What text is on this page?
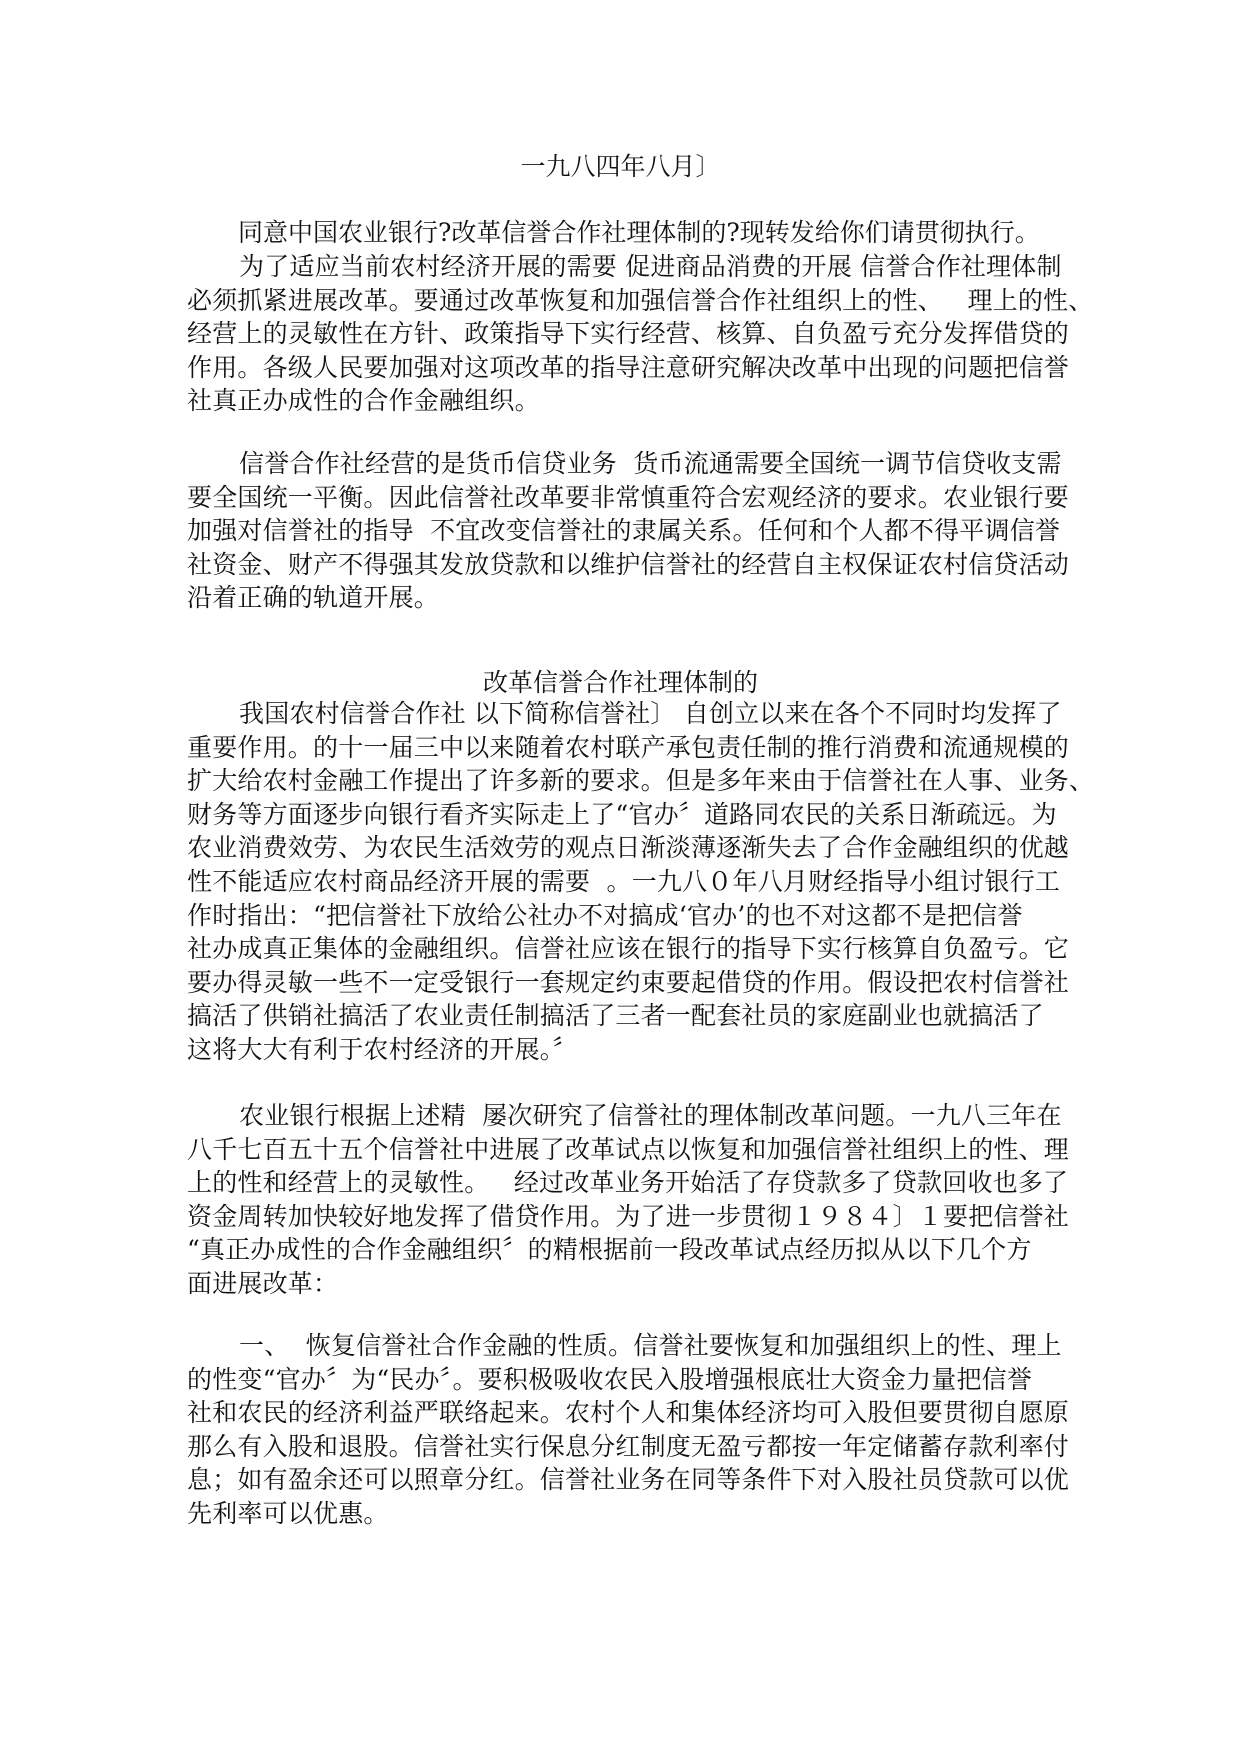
一九八四年八月〕
同意中国农业银行?改革信誉合作社理体制的?现转发给你们请贯彻执行。
为了适应当前农村经济开展的需要 促进商品消费的开展 信誉合作社理体制
必须抓紧进展改革。要通过改革恢复和加强信誉合作社组织上的性、   理上的性、
经营上的灵敏性在方针、政策指导下实行经营、核算、自负盈亏充分发挥借贷的
作用。各级人民要加强对这项改革的指导注意研究解决改革中出现的问题把信誉
社真正办成性的合作金融组织。
信誉合作社经营的是货币信贷业务  货币流通需要全国统一调节信贷收支需
要全国统一平衡。因此信誉社改革要非常慎重符合宏观经济的要求。农业银行要
加强对信誉社的指导  不宜改变信誉社的隶属关系。任何和个人都不得平调信誉
社资金、财产不得强其发放贷款和以维护信誉社的经营自主权保证农村信贷活动
沿着正确的轨道开展。
改革信誉合作社理体制的
我国农村信誉合作社 以下简称信誉社〕 自创立以来在各个不同时均发挥了
重要作用。的十一届三中以来随着农村联产承包责任制的推行消费和流通规模的
扩大给农村金融工作提出了许多新的要求。但是多年来由于信誉社在人事、业务、
财务等方面逐步向银行看齐实际走上了“官办〞道路同农民的关系日渐疏远。为
农业消费效劳、为农民生活效劳的观点日渐淡薄逐渐失去了合作金融组织的优越
性不能适应农村商品经济开展的需要  。一九八０年八月财经指导小组讨银行工
作时指出：“把信誉社下放给公社办不对搞成‘官办’的也不对这都不是把信誉
社办成真正集体的金融组织。信誉社应该在银行的指导下实行核算自负盈亏。它
要办得灵敏一些不一定受银行一套规定约束要起借贷的作用。假设把农村信誉社
搞活了供销社搞活了农业责任制搞活了三者一配套社员的家庭副业也就搞活了
这将大大有利于农村经济的开展。〞
农业银行根据上述精  屡次研究了信誉社的理体制改革问题。一九八三年在
八千七百五十五个信誉社中进展了改革试点以恢复和加强信誉社组织上的性、理
上的性和经营上的灵敏性。   经过改革业务开始活了存贷款多了贷款回收也多了
资金周转加快较好地发挥了借贷作用。为了进一步贯彻１９８４〕１要把信誉社
“真正办成性的合作金融组织〞的精根据前一段改革试点经历拟从以下几个方
面进展改革：
一、  恢复信誉社合作金融的性质。信誉社要恢复和加强组织上的性、理上
的性变“官办〞为“民办〞。要积极吸收农民入股增强根底壮大资金力量把信誉
社和农民的经济利益严联络起来。农村个人和集体经济均可入股但要贯彻自愿原
那么有入股和退股。信誉社实行保息分红制度无盈亏都按一年定储蓄存款利率付
息；如有盈余还可以照章分红。信誉社业务在同等条件下对入股社员贷款可以优
先利率可以优惠。
